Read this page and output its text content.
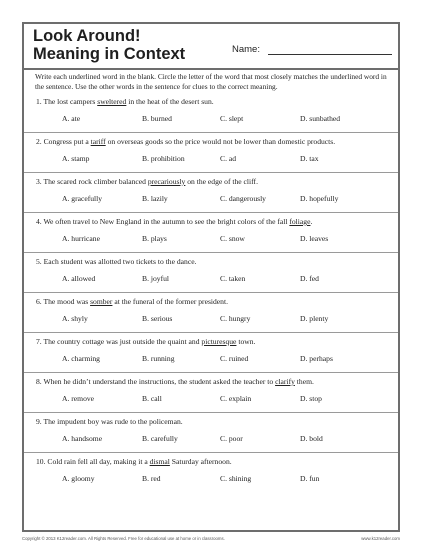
Look Around!
Meaning in Context	Name:
Write each underlined word in the blank. Circle the letter of the word that most closely matches the underlined word in the sentence. Use the other words in the sentence for clues to the correct meaning.
1. The lost campers sweltered in the heat of the desert sun.
A. ate	B. burned	C. slept	D. sunbathed
2. Congress put a tariff on overseas goods so the price would not be lower than domestic products.
A. stamp	B. prohibition	C. ad	D. tax
3. The scared rock climber balanced precariously on the edge of the cliff.
A. gracefully	B. lazily	C. dangerously	D. hopefully
4. We often travel to New England in the autumn to see the bright colors of the fall foliage.
A. hurricane	B. plays	C. snow	D. leaves
5. Each student was allotted two tickets to the dance.
A. allowed	B. joyful	C. taken	D. fed
6. The mood was somber at the funeral of the former president.
A. shyly	B. serious	C. hungry	D. plenty
7. The country cottage was just outside the quaint and picturesque town.
A. charming	B. running	C. ruined	D. perhaps
8. When he didn’t understand the instructions, the student asked the teacher to clarify them.
A. remove	B. call	C. explain	D. stop
9. The impudent boy was rude to the policeman.
A. handsome	B. carefully	C. poor	D. bold
10. Cold rain fell all day, making it a dismal Saturday afternoon.
A. gloomy	B. red	C. shining	D. fun
Copyright © 2013 K12reader.com. All Rights Reserved. Free for educational use at home or in classrooms.	www.k12reader.com
